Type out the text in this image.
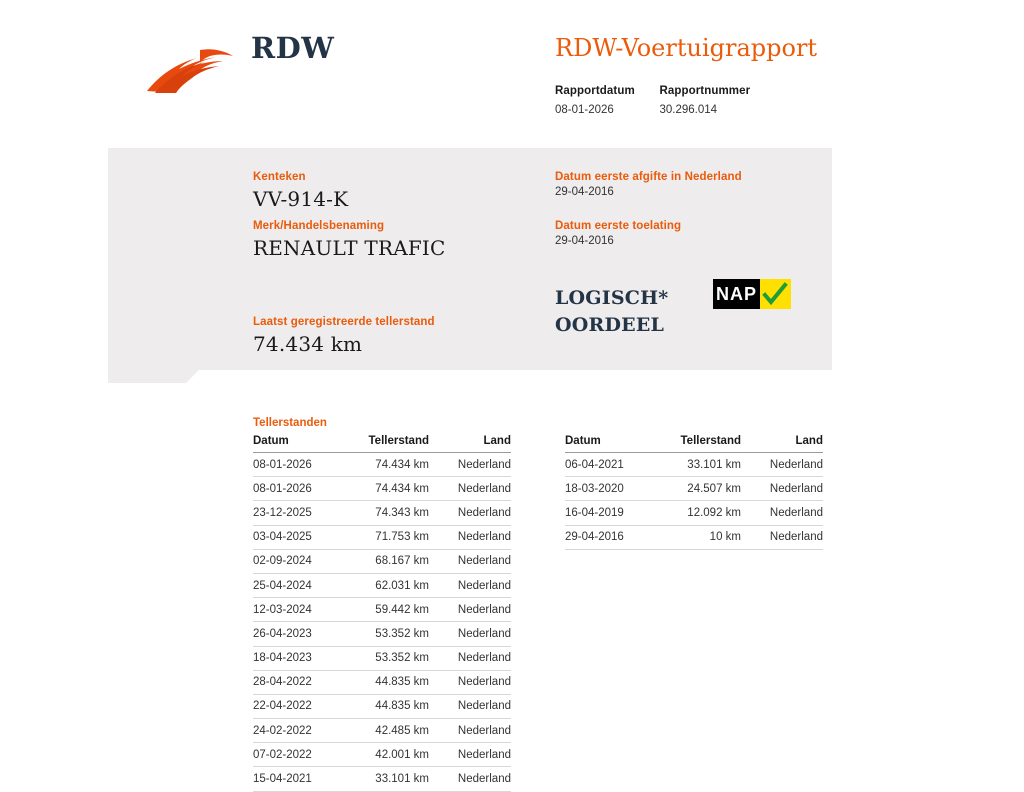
RDW	RDW-Voertuigrapport
Rapportdatum
08-01-2026

Rapportnummer
30.296.014
Kenteken
VV-914-K
Merk/Handelsbenaming
RENAULT TRAFIC
Laatst geregistreerde tellerstand
74.434 km
Datum eerste afgifte in Nederland
29-04-2016
Datum eerste toelating
29-04-2016
LOGISCH*
OORDEEL
NAP
Tellerstanden
Datum	Tellerstand	Land
08-01-2026	74.434 km	Nederland
08-01-2026	74.434 km	Nederland
23-12-2025	74.343 km	Nederland
03-04-2025	71.753 km	Nederland
02-09-2024	68.167 km	Nederland
25-04-2024	62.031 km	Nederland
12-03-2024	59.442 km	Nederland
26-04-2023	53.352 km	Nederland
18-04-2023	53.352 km	Nederland
28-04-2022	44.835 km	Nederland
22-04-2022	44.835 km	Nederland
24-02-2022	42.485 km	Nederland
07-02-2022	42.001 km	Nederland
15-04-2021	33.101 km	Nederland
Datum	Tellerstand	Land
06-04-2021	33.101 km	Nederland
18-03-2020	24.507 km	Nederland
16-04-2019	12.092 km	Nederland
29-04-2016	10 km	Nederland
